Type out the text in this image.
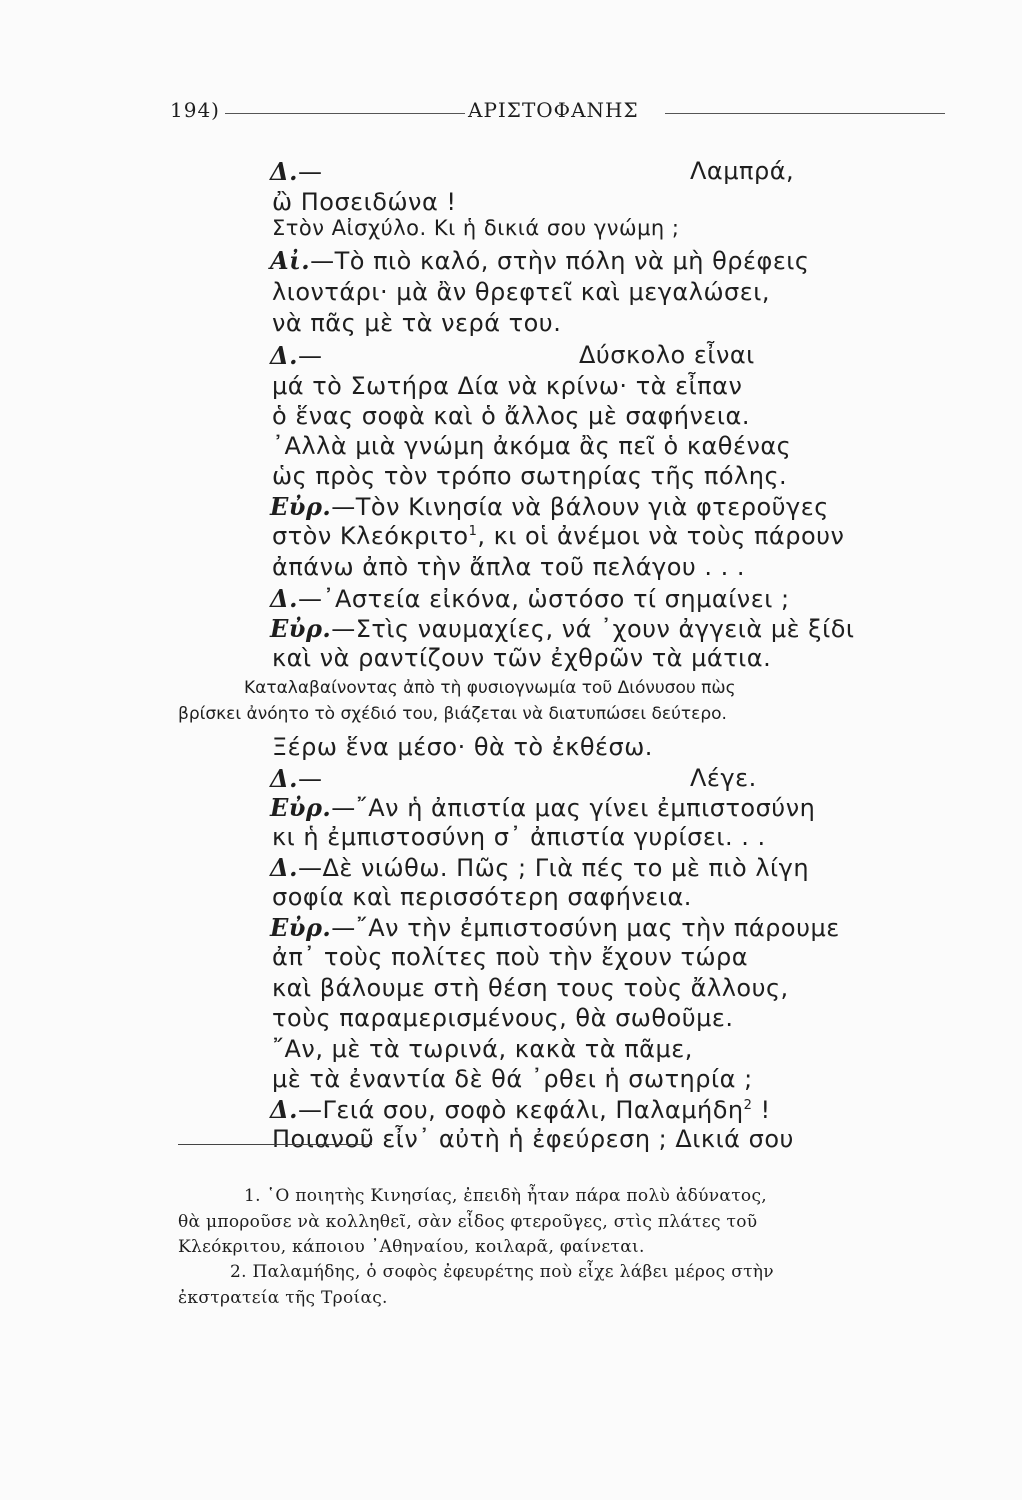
194)	ΑΡΙΣΤΟΦΑΝΗΣ
Δ.—	Λαμπρά,
ὢ Ποσειδώνα !
Στὸν Αἰσχύλο. Κι ἡ δικιά σου γνώμη ;
Αἰ.—Τὸ πιὸ καλό, στὴν πόλη νὰ μὴ θρέφεις
λιοντάρι· μὰ ἂν θρεφτεῖ καὶ μεγαλώσει,
νὰ πᾶς μὲ τὰ νερά του.
Δ.—	Δύσκολο εἶναι
μά τὸ Σωτήρα Δία νὰ κρίνω· τὰ εἶπαν
ὁ ἕνας σοφὰ καὶ ὁ ἄλλος μὲ σαφήνεια.
᾿Αλλὰ μιὰ γνώμη ἀκόμα ἂς πεῖ ὁ καθένας
ὡς πρὸς τὸν τρόπο σωτηρίας τῆς πόλης.
Εὐρ.—Τὸν Κινησία νὰ βάλουν γιὰ φτεροῦγες
στὸν Κλεόκριτο$^1$, κι οἱ ἀνέμοι νὰ τοὺς πάρουν
ἀπάνω ἀπὸ τὴν ἄπλα τοῦ πελάγου . . .
Δ.—᾿Αστεία εἰκόνα, ὡστόσο τί σημαίνει ;
Εὐρ.—Στὶς ναυμαχίες, νά ᾿χουν ἀγγειὰ μὲ ξίδι
καὶ νὰ ραντίζουν τῶν ἐχθρῶν τὰ μάτια.
Καταλαβαίνοντας ἀπὸ τὴ φυσιογνωμία τοῦ Διόνυσου πὼς
βρίσκει ἀνόητο τὸ σχέδιό του, βιάζεται νὰ διατυπώσει δεύτερο.
Ξέρω ἕνα μέσο· θὰ τὸ ἐκθέσω.
Δ.—	Λέγε.
Εὐρ.—῎Αν ἡ ἀπιστία μας γίνει ἐμπιστοσύνη
κι ἡ ἐμπιστοσύνη σ᾿ ἀπιστία γυρίσει. . .
Δ.—Δὲ νιώθω. Πῶς ; Γιὰ πές το μὲ πιὸ λίγη
σοφία καὶ περισσότερη σαφήνεια.
Εὐρ.—῎Αν τὴν ἐμπιστοσύνη μας τὴν πάρουμε
ἀπ᾿ τοὺς πολίτες ποὺ τὴν ἔχουν τώρα
καὶ βάλουμε στὴ θέση τους τοὺς ἄλλους,
τοὺς παραμερισμένους, θὰ σωθοῦμε.
῎Αν, μὲ τὰ τωρινά, κακὰ τὰ πᾶμε,
μὲ τὰ ἐναντία δὲ θά ᾿ρθει ἡ σωτηρία ;
Δ.—Γειά σου, σοφὸ κεφάλι, Παλαμήδη$^2$ !
Ποιανοῦ εἶν᾿ αὐτὴ ἡ ἐφεύρεση ; Δικιά σου
1. ῾Ο ποιητὴς Κινησίας, ἐπειδὴ ἦταν πάρα πολὺ ἀδύνατος,
θὰ μποροῦσε νὰ κολληθεῖ, σὰν εἶδος φτεροῦγες, στὶς πλάτες τοῦ
Κλεόκριτου, κάποιου ᾿Αθηναίου, κοιλαρᾶ, φαίνεται.
2. Παλαμήδης, ὁ σοφὸς ἐφευρέτης ποὺ εἶχε λάβει μέρος στὴν
ἐκστρατεία τῆς Τροίας.
